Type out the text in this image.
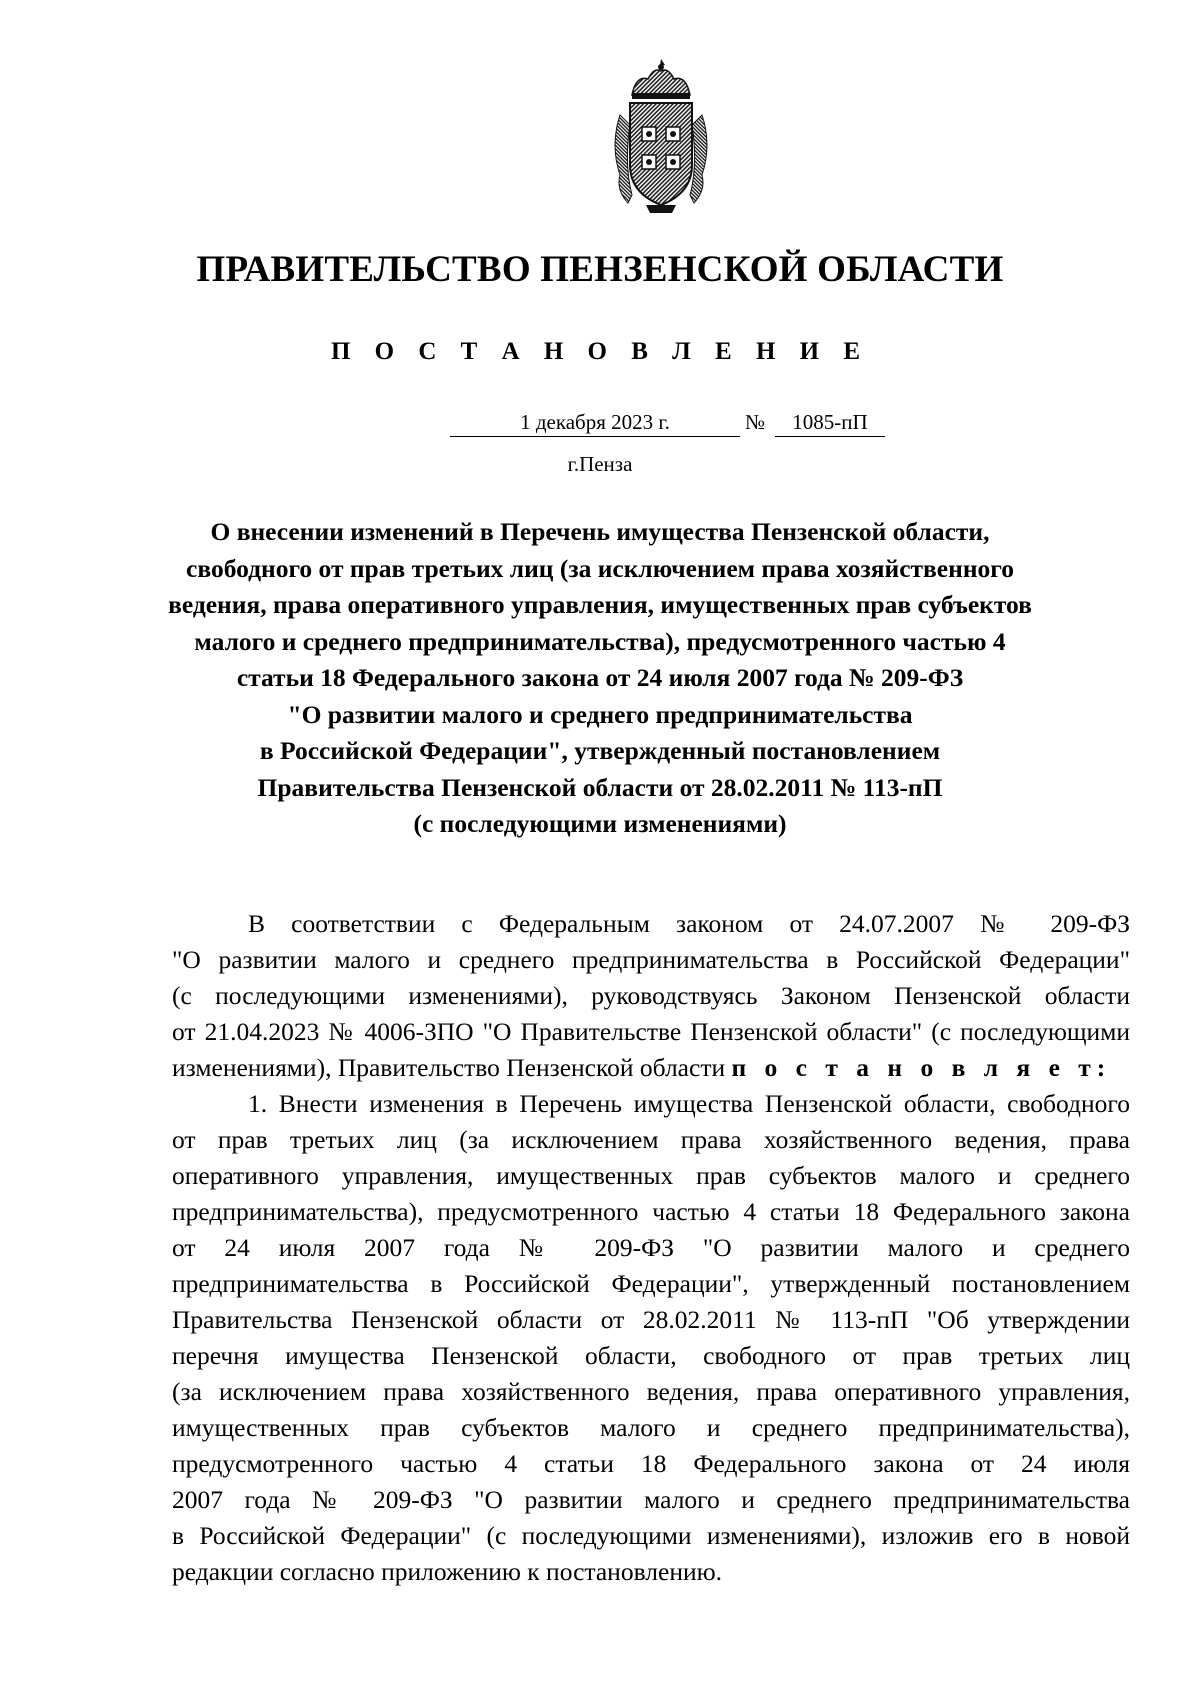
ПРАВИТЕЛЬСТВО ПЕНЗЕНСКОЙ ОБЛАСТИ
П О С Т А Н О В Л Е Н И Е
1 декабря 2023 г.	№	1085-пП
г.Пенза
О внесении изменений в Перечень имущества Пензенской области,
свободного от прав третьих лиц (за исключением права хозяйственного
ведения, права оперативного управления, имущественных прав субъектов
малого и среднего предпринимательства), предусмотренного частью 4
статьи 18 Федерального закона от 24 июля 2007 года № 209-ФЗ
"О развитии малого и среднего предпринимательства
в Российской Федерации", утвержденный постановлением
Правительства Пензенской области от 28.02.2011 № 113-пП
(с последующими изменениями)
В соответствии с Федеральным законом от 24.07.2007 № 209-ФЗ
"О развитии малого и среднего предпринимательства в Российской Федерации"
(с последующими изменениями), руководствуясь Законом Пензенской области
от 21.04.2023 № 4006-ЗПО "О Правительстве Пензенской области" (с последующими
изменениями), Правительство Пензенской области п о с т а н о в л я е т:
1. Внести изменения в Перечень имущества Пензенской области, свободного
от прав третьих лиц (за исключением права хозяйственного ведения, права
оперативного управления, имущественных прав субъектов малого и среднего
предпринимательства), предусмотренного частью 4 статьи 18 Федерального закона
от 24 июля 2007 года № 209-ФЗ "О развитии малого и среднего
предпринимательства в Российской Федерации", утвержденный постановлением
Правительства Пензенской области от 28.02.2011 № 113-пП "Об утверждении
перечня имущества Пензенской области, свободного от прав третьих лиц
(за исключением права хозяйственного ведения, права оперативного управления,
имущественных прав субъектов малого и среднего предпринимательства),
предусмотренного частью 4 статьи 18 Федерального закона от 24 июля
2007 года № 209-ФЗ "О развитии малого и среднего предпринимательства
в Российской Федерации" (с последующими изменениями), изложив его в новой
редакции согласно приложению к постановлению.
